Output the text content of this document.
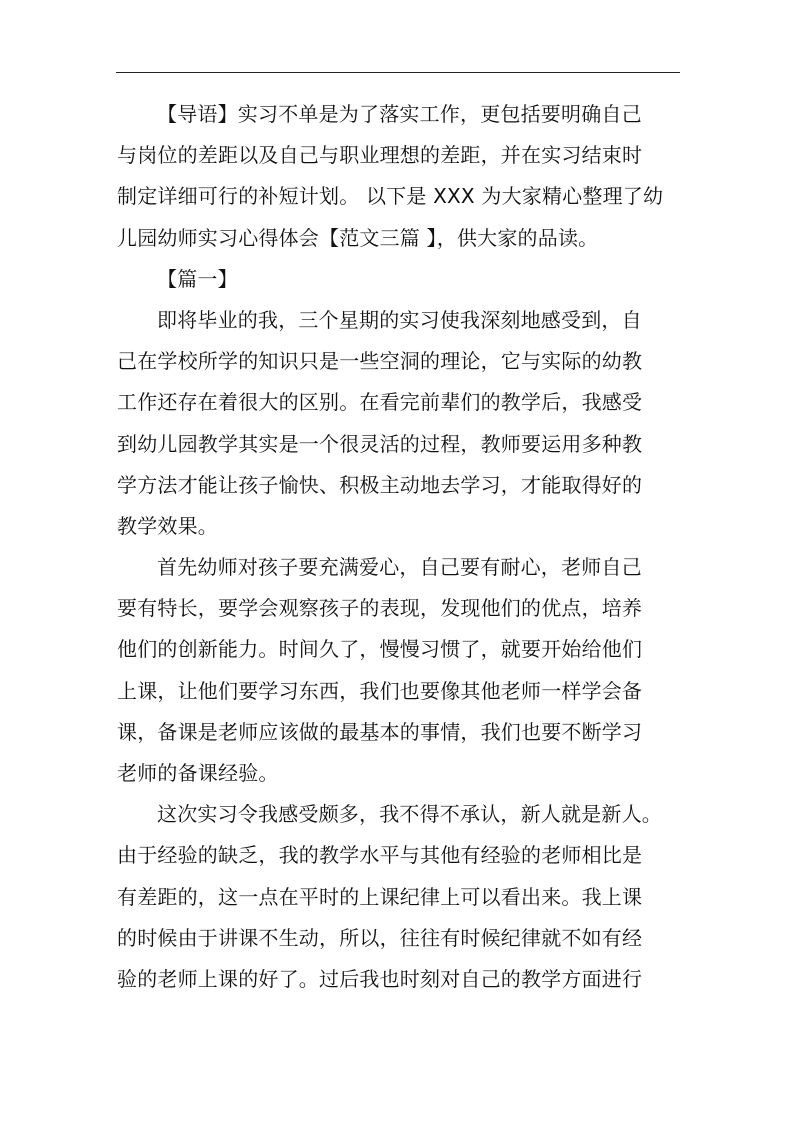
【导语】实习不单是为了落实工作，更包括要明确自己
与岗位的差距以及自己与职业理想的差距，并在实习结束时
制定详细可行的补短计划。 以下是 XXX 为大家精心整理了幼
儿园幼师实习心得体会【范文三篇 】，供大家的品读。
【篇一】
即将毕业的我，三个星期的实习使我深刻地感受到，自
己在学校所学的知识只是一些空洞的理论，它与实际的幼教
工作还存在着很大的区别。在看完前辈们的教学后，我感受
到幼儿园教学其实是一个很灵活的过程，教师要运用多种教
学方法才能让孩子愉快、积极主动地去学习，才能取得好的
教学效果。
首先幼师对孩子要充满爱心，自己要有耐心，老师自己
要有特长，要学会观察孩子的表现，发现他们的优点，培养
他们的创新能力。时间久了，慢慢习惯了，就要开始给他们
上课，让他们要学习东西，我们也要像其他老师一样学会备
课，备课是老师应该做的最基本的事情，我们也要不断学习
老师的备课经验。
这次实习令我感受颇多，我不得不承认，新人就是新人。
由于经验的缺乏，我的教学水平与其他有经验的老师相比是
有差距的，这一点在平时的上课纪律上可以看出来。我上课
的时候由于讲课不生动，所以，往往有时候纪律就不如有经
验的老师上课的好了。过后我也时刻对自己的教学方面进行
